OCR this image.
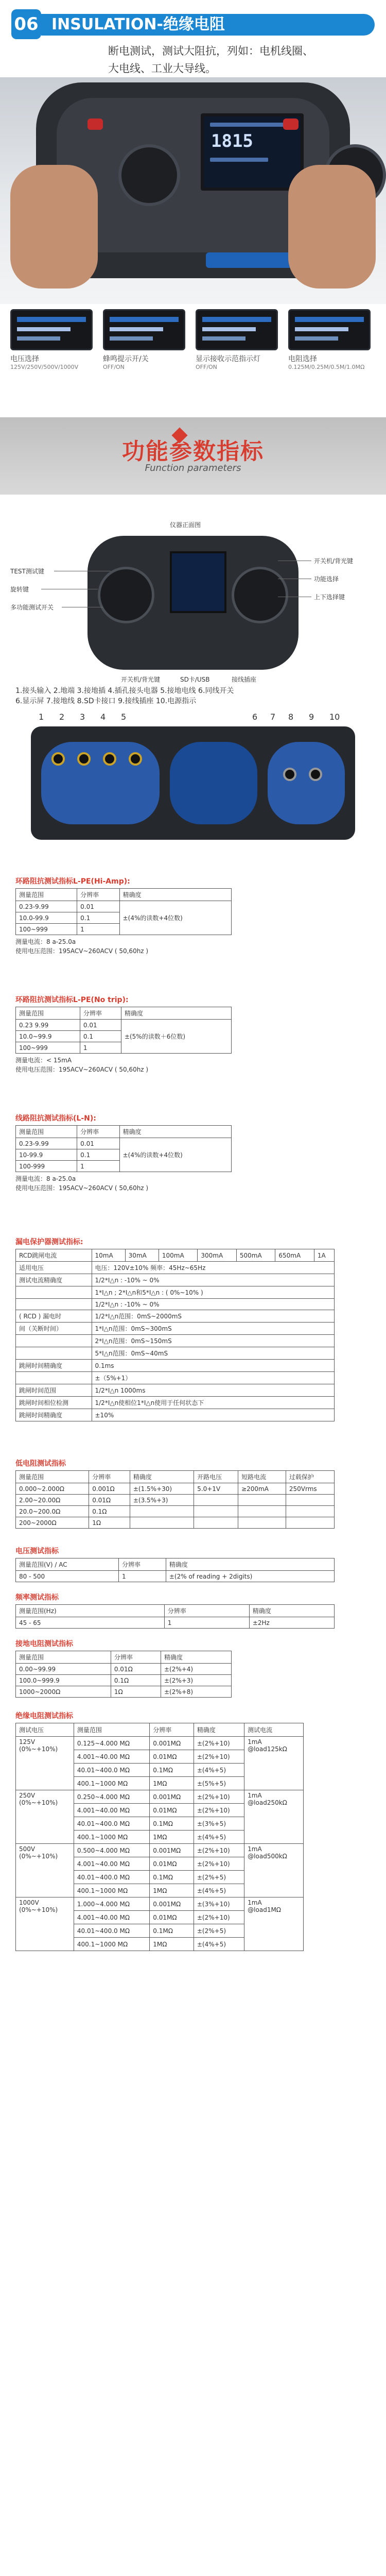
06 INSULATION-绝缘电阻
断电测试，测试大阻抗，列如：电机线圈、
大电线、工业大导线。
1815
电压选择
125V/250V/500V/1000V
蜂鸣提示开/关
OFF/ON
显示接收示范指示灯
OFF/ON
电阻选择
0.125M/0.25M/0.5M/1.0MΩ
功能参数指标
Function parameters
仪器正面图
TEST测试键
旋转键
多功能测试开关
开关机/背光键
功能选择
上下选择键
开关机/背光键	SD卡/USB	接线插座
1.接头输入 2.地端 3.接地插 4.插孔接头电器 5.接地电线 6.同线开关
6.显示屏 7.接地线 8.SD卡接口 9.接线插座 10.电源指示
1 2 3 4 5	6 7 8 9 10
环路阻抗测试指标L-PE(Hi-Amp):
测量范围	分辨率	精确度
0.23-9.99	0.01	±(4%的读数+4位数)
10.0-99.9	0.1	
100~999	1	
测量电流：8 a-25.0a
使用电压范围：195ACV~260ACV ( 50,60hz )
环路阻抗测试指标L-PE(No trip):
测量范围	分辨率	精确度
0.23 9.99	0.01	±(5%的读数＋6位数)
10.0~99.9	0.1	
100~999	1	
测量电流：< 15mA
使用电压范围：195ACV~260ACV ( 50,60hz )
线路阻抗测试指标(L-N):
测量范围	分辨率	精确度
0.23-9.99	0.01	±(4%的读数+4位数)
10-99.9	0.1	
100-999	1	
测量电流：8 a-25.0a
使用电压范围：195ACV~260ACV ( 50,60hz )
漏电保护器测试指标:
RCD跳闸电流	10mA	30mA	100mA	300mA	500mA	650mA	1A
适用电压	电压：120V±10% 频率：45Hz~65Hz						
测试电流精确度	1/2*I△n : -10% ~ 0%						
	1*I△n ; 2*I△n和5*I△n : ( 0%~10% )						
	1/2*I△n : -10% ~ 0%						
( RCD ) 漏电时	1/2*I△n范围：0mS~2000mS						
间（关断时间）	1*I△n范围：0mS~300mS						
	2*I△n范围：0mS~150mS						
	5*I△n范围：0mS~40mS						
跳闸时间精确度	0.1ms						
	±（5%+1）						
跳闸时间范围	1/2*I△n 1000ms						
跳闸时间相位检测	1/2*I△n使相位1*I△n使用于任何状态下						
跳闸时间精确度	±10%						
低电阻测试指标
测量范围	分辨率	精确度	开路电压	短路电流	过载保护
0.000~2.000Ω	0.001Ω	±(1.5%+30)	5.0+1V	≥200mA	250Vrms
2.00~20.00Ω	0.01Ω	±(3.5%+3)			
20.0~200.0Ω	0.1Ω				
200~2000Ω	1Ω				
电压测试指标
测量范围(V) / AC	分辨率	精确度
80 - 500	1	±(2% of reading + 2digits)
频率测试指标
测量范围(Hz)	分辨率	精确度
45 - 65	1	±2Hz
接地电阻测试指标
测量范围	分辨率	精确度
0.00~99.99	0.01Ω	±(2%+4)
100.0~999.9	0.1Ω	±(2%+3)
1000~2000Ω	1Ω	±(2%+8)
绝缘电阻测试指标
测试电压	测量范围	分辨率	精确度	测试电流
125V
(0%~+10%)	0.125~4.000 MΩ	0.001MΩ	±(2%+10)	1mA
@load125kΩ
	4.001~40.00 MΩ	0.01MΩ	±(2%+10)	
	40.01~400.0 MΩ	0.1MΩ	±(4%+5)	
	400.1~1000 MΩ	1MΩ	±(5%+5)	
250V
(0%~+10%)	0.250~4.000 MΩ	0.001MΩ	±(2%+10)	1mA
@load250kΩ
	4.001~40.00 MΩ	0.01MΩ	±(2%+10)	
	40.01~400.0 MΩ	0.1MΩ	±(3%+5)	
	400.1~1000 MΩ	1MΩ	±(4%+5)	
500V
(0%~+10%)	0.500~4.000 MΩ	0.001MΩ	±(2%+10)	1mA
@load500kΩ
	4.001~40.00 MΩ	0.01MΩ	±(2%+10)	
	40.01~400.0 MΩ	0.1MΩ	±(2%+5)	
	400.1~1000 MΩ	1MΩ	±(4%+5)	
1000V
(0%~+10%)	1.000~4.000 MΩ	0.001MΩ	±(3%+10)	1mA
@load1MΩ
	4.001~40.00 MΩ	0.01MΩ	±(2%+10)	
	40.01~400.0 MΩ	0.1MΩ	±(2%+5)	
	400.1~1000 MΩ	1MΩ	±(4%+5)	
